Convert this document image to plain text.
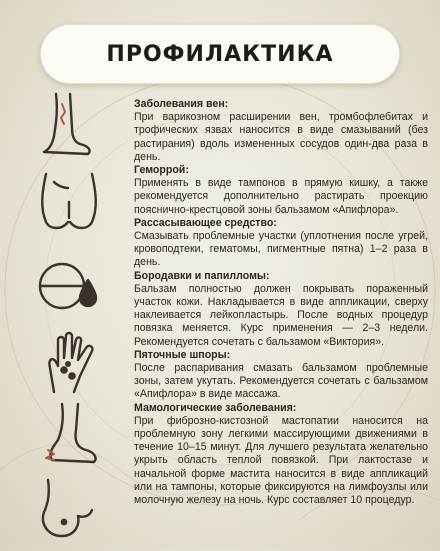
ПРОФИЛАКТИКА
Заболевания вен:
При варикозном расширении вен, тромбофлебитах и трофических язвах наносится в виде смазываний (без растирания) вдоль измененных сосудов один-два раза в день.
Геморрой:
Применять в виде тампонов в прямую кишку, а также рекомендуется дополнительно растирать проекцию пояснично-крестцовой зоны бальзамом «Апифлора».
Рассасывающее средство:
Смазывать проблемные участки (уплотнения после угрей, кровоподтеки, гематомы, пигментные пятна) 1–2 раза в день.
Бородавки и папилломы:
Бальзам полностью должен покрывать пораженный участок кожи. Накладывается в виде аппликации, сверху наклеивается лейкопластырь. После водных процедур повязка меняется. Курс применения — 2–3 недели. Рекомендуется сочетать с бальзамом «Виктория».
Пяточные шпоры:
После распаривания смазать бальзамом проблемные зоны, затем укутать. Рекомендуется сочетать с бальзамом «Апифлора» в виде массажа.
Мамологические заболевания:
При фиброзно-кистозной мастопатии наносится на проблемную зону легкими массирующими движениями в течение 10–15 минут. Для лучшего результата желательно укрыть область теплой повязкой. При лактостазе и начальной форме мастита наносится в виде аппликаций или на тампоны, которые фиксируются на лимфоузлы или молочную железу на ночь. Курс составляет 10 процедур.
